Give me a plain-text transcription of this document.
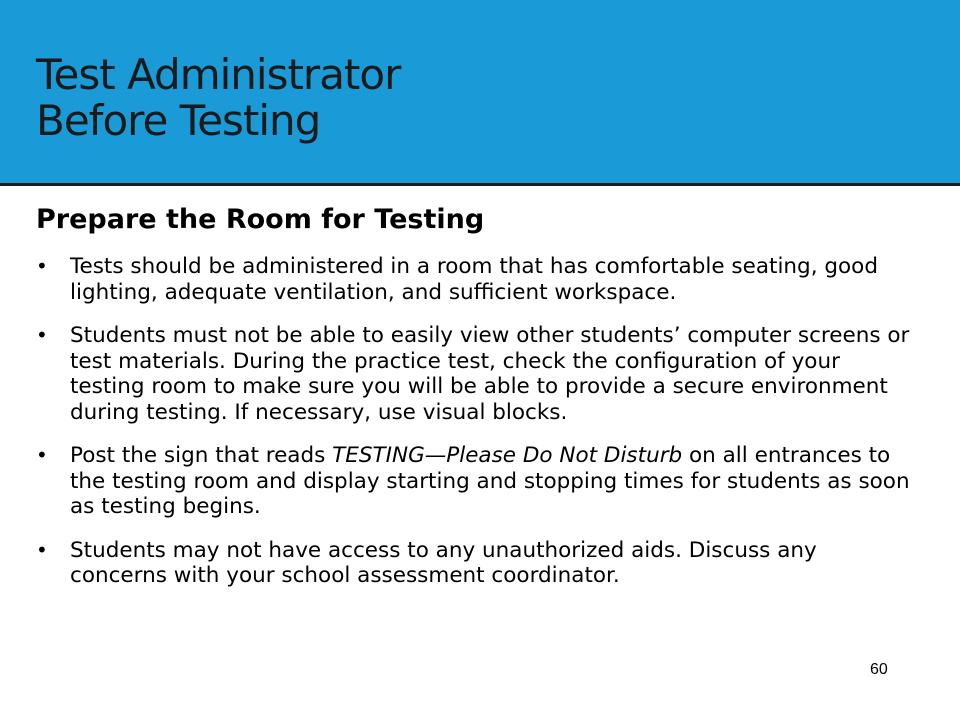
Test Administrator
Before Testing
Prepare the Room for Testing
• Tests should be administered in a room that has comfortable seating, good lighting, adequate ventilation, and sufficient workspace.
• Students must not be able to easily view other students’ computer screens or test materials. During the practice test, check the configuration of your testing room to make sure you will be able to provide a secure environment during testing. If necessary, use visual blocks.
• Post the sign that reads TESTING—Please Do Not Disturb on all entrances to the testing room and display starting and stopping times for students as soon as testing begins.
• Students may not have access to any unauthorized aids. Discuss any concerns with your school assessment coordinator.
60
